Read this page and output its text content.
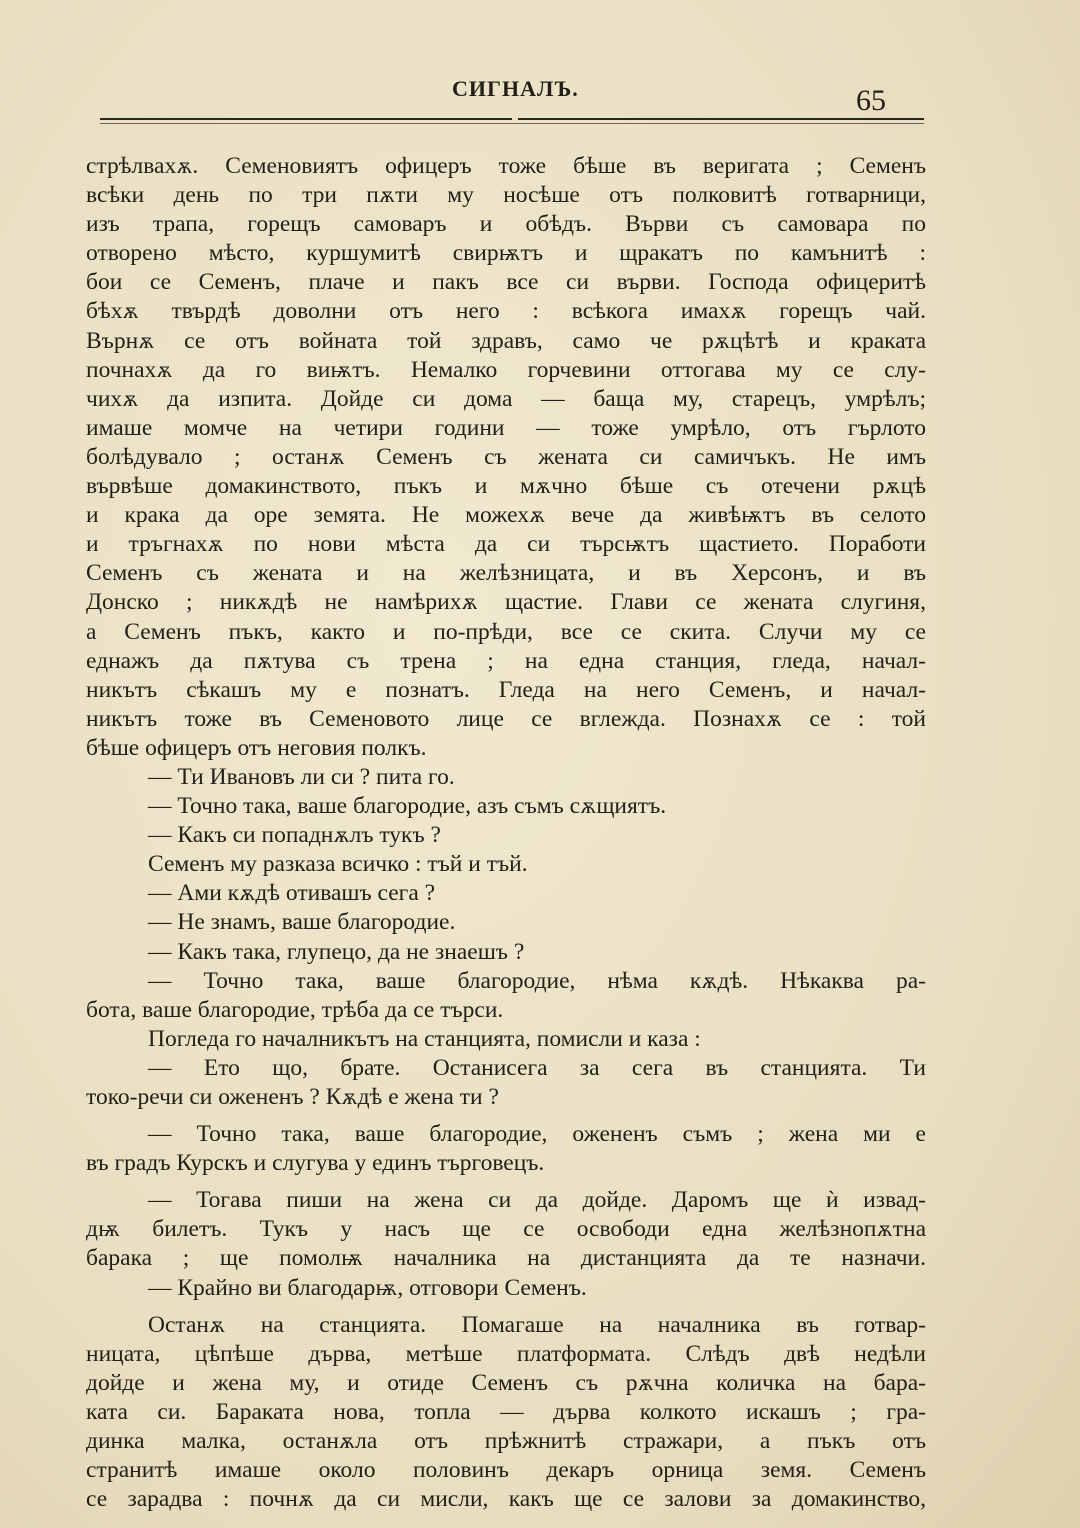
СИГНАЛЪ.	65
стрѣлвахѫ. Семеновиятъ офицеръ тоже бѣше въ веригата ; Семенъ
всѣки день по три пѫти му носѣше отъ полковитѣ готварници,
изъ трапа, горещъ самоваръ и обѣдъ. Върви съ самовара по
отворено мѣсто, куршумитѣ свирѭтъ и щракатъ по камънитѣ :
бои се Семенъ, плаче и пакъ все си върви. Господа офицеритѣ
бѣхѫ твърдѣ доволни отъ него : всѣкога имахѫ горещъ чай.
Върнѫ се отъ войната той здравъ, само че рѫцѣтѣ и краката
почнахѫ да го виѭтъ. Немалко горчевини оттогава му се слу-
чихѫ да изпита. Дойде си дома — баща му, старецъ, умрѣлъ;
имаше момче на четири години — тоже умрѣло, отъ гърлото
болѣдувало ; останѫ Семенъ съ жената си самичъкъ. Не имъ
вървѣше домакинството, пъкъ и мѫчно бѣше съ отечени рѫцѣ
и крака да оре земята. Не можехѫ вече да живѣѭтъ въ селото
и тръгнахѫ по нови мѣста да си търсѭтъ щастието. Поработи
Семенъ съ жената и на желѣзницата, и въ Херсонъ, и въ
Донско ; никѫдѣ не намѣрихѫ щастие. Глави се жената слугиня,
а Семенъ пъкъ, както и по-прѣди, все се скита. Случи му се
еднажъ да пѫтува съ трена ; на една станция, гледа, начал-
никътъ сѣкашъ му е познатъ. Гледа на него Семенъ, и начал-
никътъ тоже въ Семеновото лице се вглежда. Познахѫ се : той
бѣше офицеръ отъ неговия полкъ.
— Ти Ивановъ ли си ? пита го.
— Точно така, ваше благородие, азъ съмъ сѫщиятъ.
— Какъ си попаднѫлъ тукъ ?
Семенъ му разказа всичко : тъй и тъй.
— Ами кѫдѣ отивашъ сега ?
— Не знамъ, ваше благородие.
— Какъ така, глупецо, да не знаешъ ?
— Точно така, ваше благородие, нѣма кѫдѣ. Нѣкаква ра-
бота, ваше благородие, трѣба да се търси.
Погледа го началникътъ на станцията, помисли и каза :
— Ето що, брате. Останисега за сега въ станцията. Ти
токо-речи си ожененъ ? Кѫдѣ е жена ти ?
— Точно така, ваше благородие, ожененъ съмъ ; жена ми е
въ градъ Курскъ и слугува у единъ търговецъ.
— Тогава пиши на жена си да дойде. Даромъ ще ѝ извад-
дѭ билетъ. Тукъ у насъ ще се освободи една желѣзнопѫтна
барака ; ще помолѭ началника на дистанцията да те назначи.
— Крайно ви благодарѭ, отговори Семенъ.
Останѫ на станцията. Помагаше на началника въ готвар-
ницата, цѣпѣше дърва, метѣше платформата. Слѣдъ двѣ недѣли
дойде и жена му, и отиде Семенъ съ рѫчна количка на бара-
ката си. Бараката нова, топла — дърва колкото искашъ ; гра-
динка малка, останѫла отъ прѣжнитѣ стражари, а пъкъ отъ
странитѣ имаше около половинъ декаръ орница земя. Семенъ
се зарадва : почнѫ да си мисли, какъ ще се залови за домакинство,
